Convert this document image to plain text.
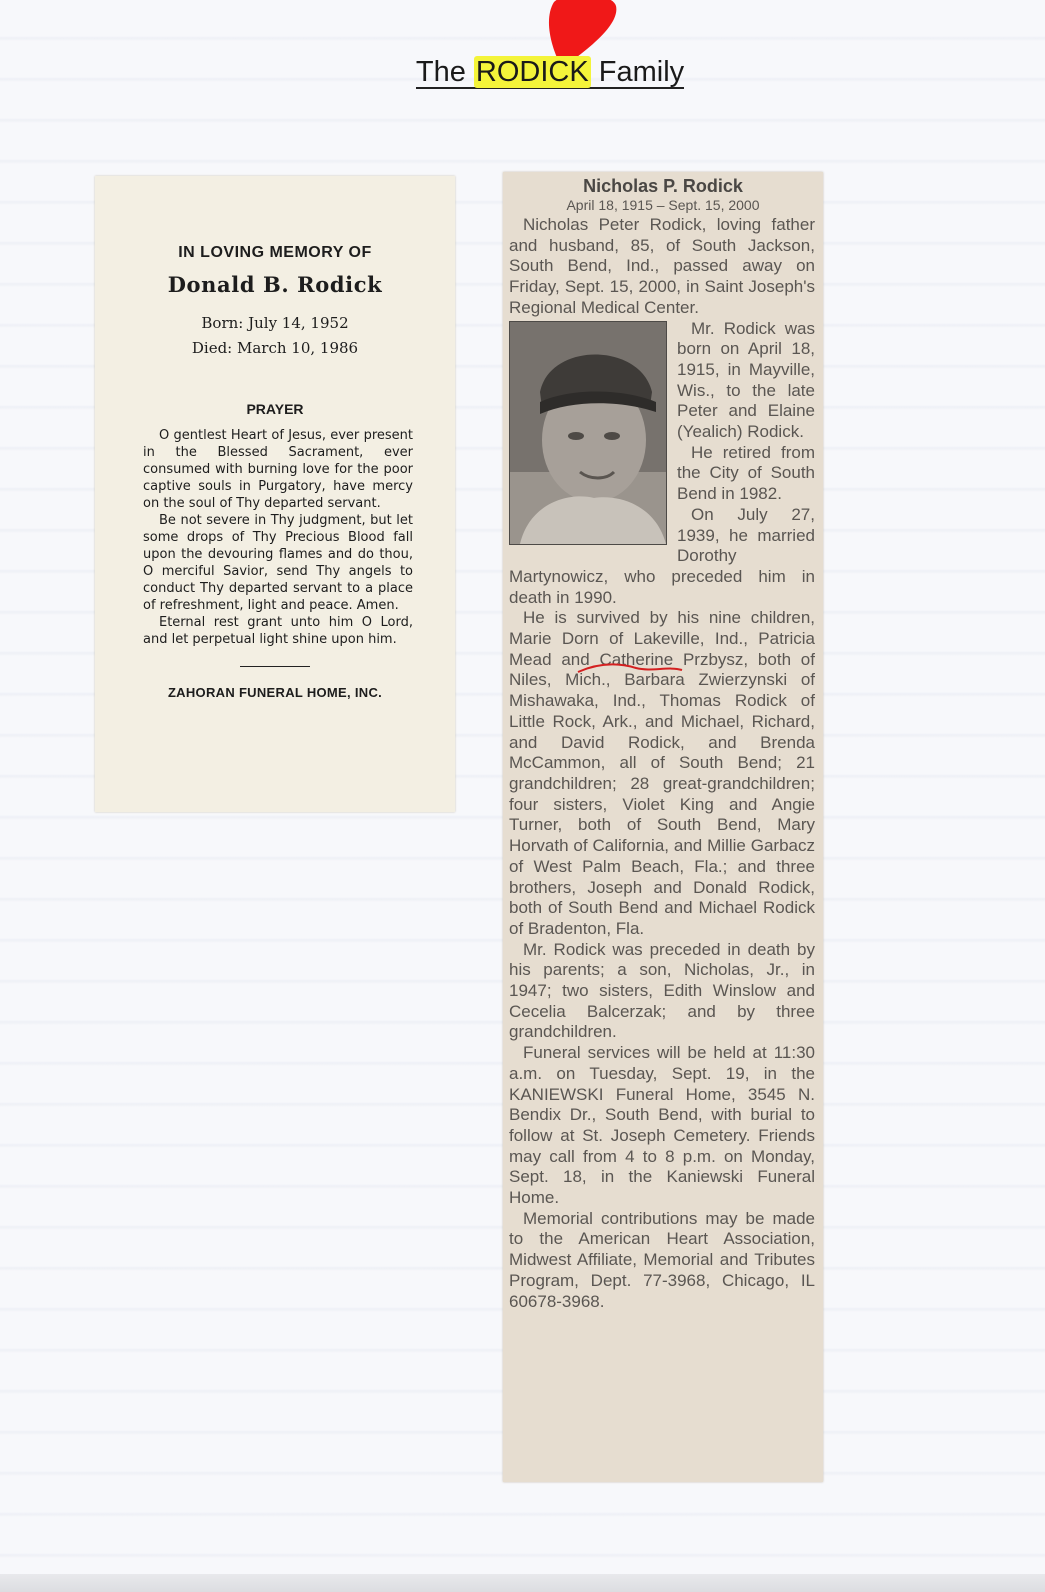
The RODICK Family
IN LOVING MEMORY OF
Donald B. Rodick
Born: July 14, 1952
Died: March 10, 1986
PRAYER

O gentlest Heart of Jesus, ever present in the Blessed Sacrament, ever consumed with burning love for the poor captive souls in Purgatory, have mercy on the soul of Thy departed servant.

Be not severe in Thy judgment, but let some drops of Thy Precious Blood fall upon the devouring flames and do thou, O merciful Savior, send Thy angels to conduct Thy departed servant to a place of refreshment, light and peace. Amen.

Eternal rest grant unto him O Lord, and let perpetual light shine upon him.

ZAHORAN FUNERAL HOME, INC.
Nicholas P. Rodick
April 18, 1915 – Sept. 15, 2000

Nicholas Peter Rodick, loving father and husband, 85, of South Jackson, South Bend, Ind., passed away on Friday, Sept. 15, 2000, in Saint Joseph's Regional Medical Center.

Mr. Rodick was born on April 18, 1915, in Mayville, Wis., to the late Peter and Elaine (Yealich) Rodick.

He retired from the City of South Bend in 1982.

On July 27, 1939, he married Dorothy Martynowicz, who preceded him in death in 1990.

He is survived by his nine children, Marie Dorn of Lakeville, Ind., Patricia Mead and Catherine Przbysz, both of Niles, Mich., Barbara Zwierzynski of Mishawaka, Ind., Thomas Rodick of Little Rock, Ark., and Michael, Richard, and David Rodick, and Brenda McCammon, all of South Bend; 21 grandchildren; 28 great-grandchildren; four sisters, Violet King and Angie Turner, both of South Bend, Mary Horvath of California, and Millie Garbacz of West Palm Beach, Fla.; and three brothers, Joseph and Donald Rodick, both of South Bend and Michael Rodick of Bradenton, Fla.

Mr. Rodick was preceded in death by his parents; a son, Nicholas, Jr., in 1947; two sisters, Edith Winslow and Cecelia Balcerzak; and by three grandchildren.

Funeral services will be held at 11:30 a.m. on Tuesday, Sept. 19, in the KANIEWSKI Funeral Home, 3545 N. Bendix Dr., South Bend, with burial to follow at St. Joseph Cemetery. Friends may call from 4 to 8 p.m. on Monday, Sept. 18, in the Kaniewski Funeral Home.

Memorial contributions may be made to the American Heart Association, Midwest Affiliate, Memorial and Tributes Program, Dept. 77-3968, Chicago, IL 60678-3968.
